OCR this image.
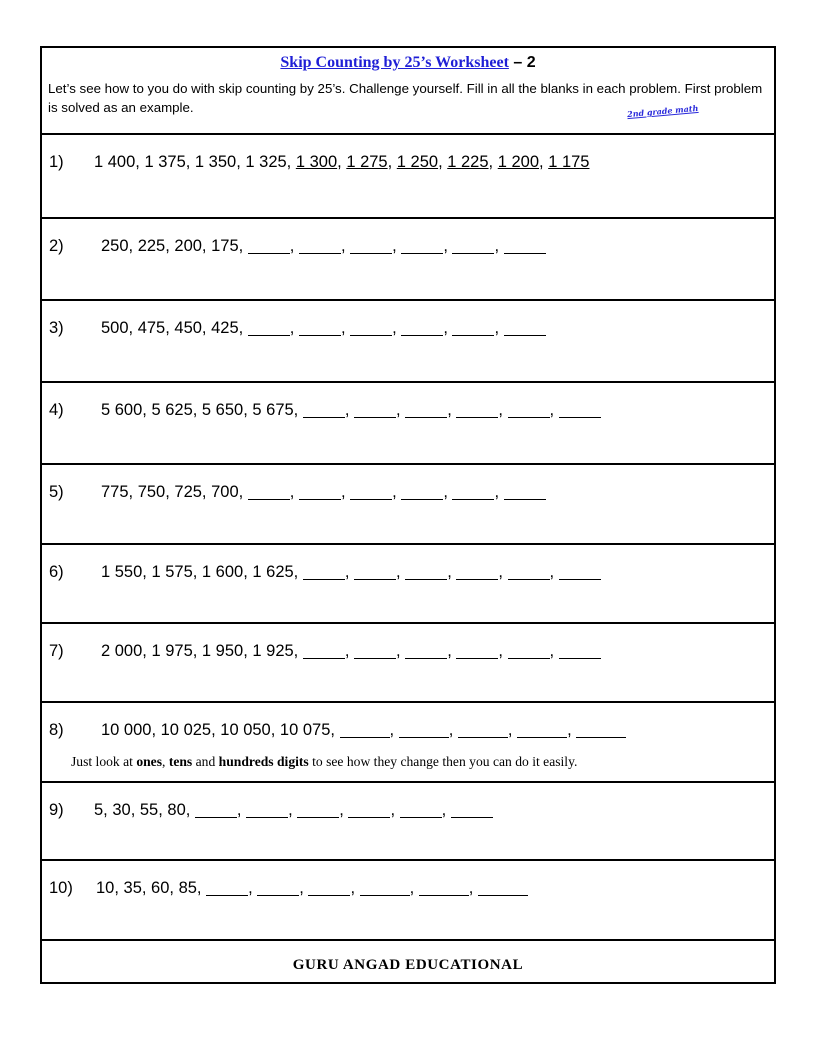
Skip Counting by 25’s Worksheet – 2
Let’s see how to you do with skip counting by 25’s. Challenge yourself. Fill in all the blanks in each problem. First problem is solved as an example.	2nd grade math
1) 1 400, 1 375, 1 350, 1 325, 1 300, 1 275, 1 250, 1 225, 1 200, 1 175
2) 250, 225, 200, 175,	,	,	,	,	,
3) 500, 475, 450, 425,	,	,	,	,	,
4) 5 600, 5 625, 5 650, 5 675,	,	,	,	,	,
5) 775, 750, 725, 700,	,	,	,	,	,
6) 1 550, 1 575, 1 600, 1 625,	,	,	,	,	,
7) 2 000, 1 975, 1 950, 1 925,	,	,	,	,	,
8) 10 000, 10 025, 10 050, 10 075,	,	,	,	,
Just look at ones, tens and hundreds digits to see how they change then you can do it easily.
9) 5, 30, 55, 80,	,	,	,	,	,
10) 10, 35, 60, 85,	,	,	,	,	,
GURU ANGAD EDUCATIONAL
